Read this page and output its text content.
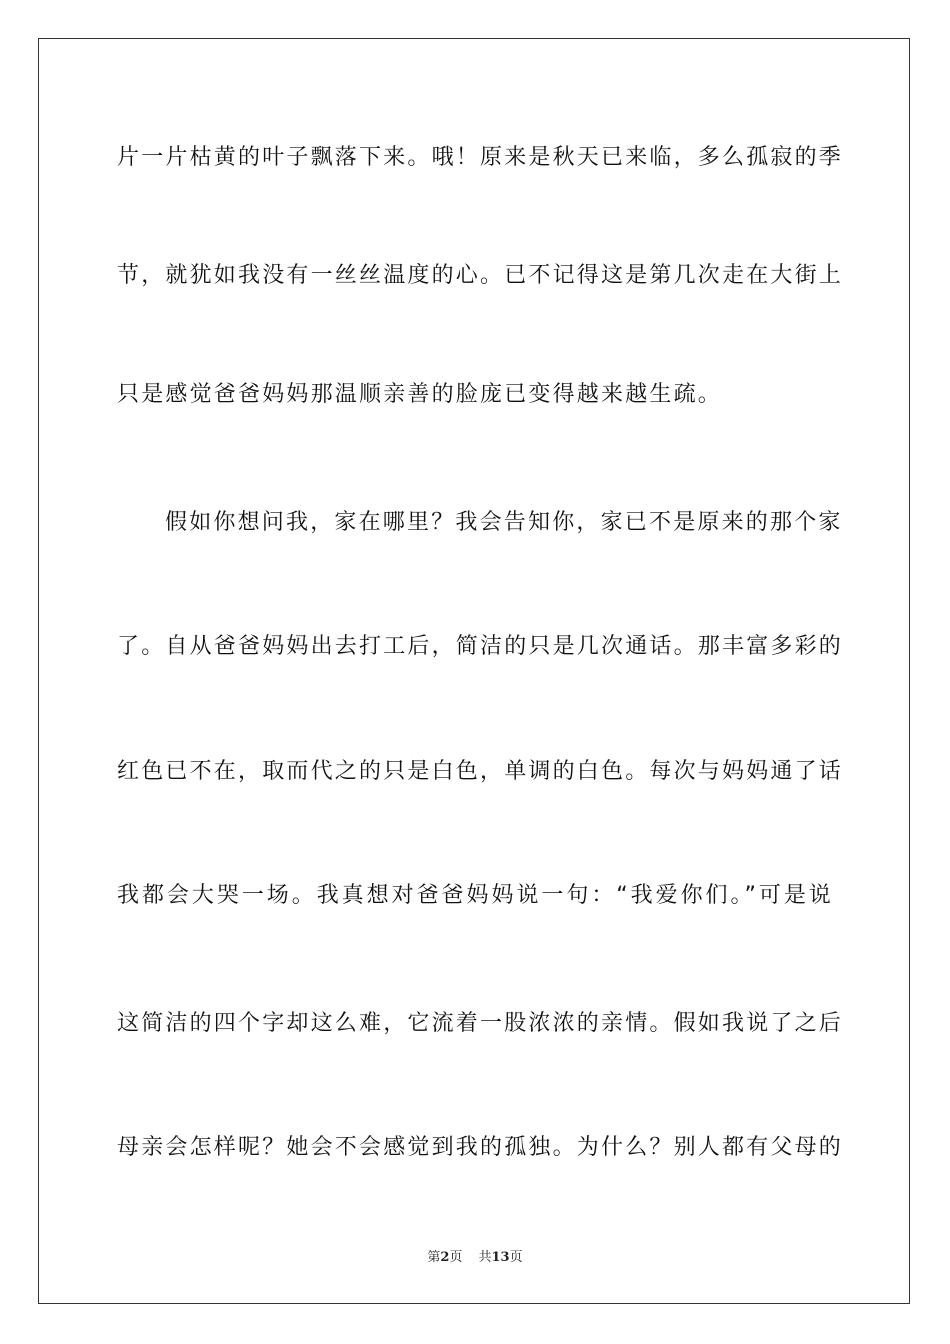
片一片枯黄的叶子飘落下来。哦！原来是秋天已来临，多么孤寂的季
节，就犹如我没有一丝丝温度的心。已不记得这是第几次走在大街上
只是感觉爸爸妈妈那温顺亲善的脸庞已变得越来越生疏。
假如你想问我，家在哪里？我会告知你，家已不是原来的那个家
了。自从爸爸妈妈出去打工后，简洁的只是几次通话。那丰富多彩的
红色已不在，取而代之的只是白色，单调的白色。每次与妈妈通了话
我都会大哭一场。我真想对爸爸妈妈说一句：“我爱你们。”可是说
这简洁的四个字却这么难，它流着一股浓浓的亲情。假如我说了之后
母亲会怎样呢？她会不会感觉到我的孤独。为什么？别人都有父母的
第2页 共13页
